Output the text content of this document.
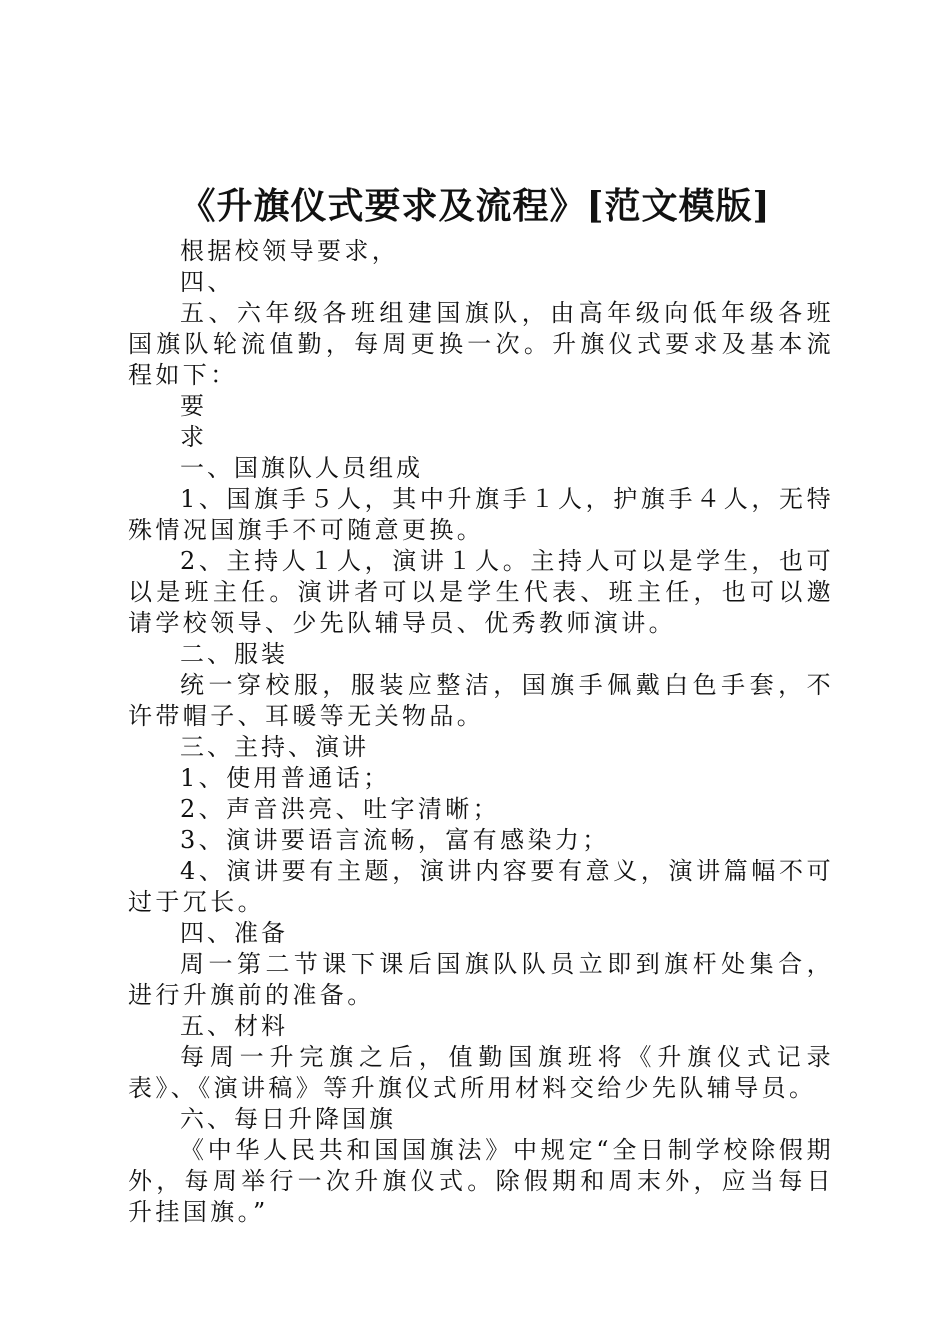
《升旗仪式要求及流程》[范文模版]

根据校领导要求，

四、

五、六年级各班组建国旗队，由高年级向低年级各班国旗队轮流值勤，每周更换一次。升旗仪式要求及基本流程如下：

要

求

一、国旗队人员组成

1、国旗手５人，其中升旗手１人，护旗手４人，无特殊情况国旗手不可随意更换。

2、主持人１人，演讲１人。主持人可以是学生，也可以是班主任。演讲者可以是学生代表、班主任，也可以邀请学校领导、少先队辅导员、优秀教师演讲。

二、服装

统一穿校服，服装应整洁，国旗手佩戴白色手套，不许带帽子、耳暖等无关物品。

三、主持、演讲

1、使用普通话；

2、声音洪亮、吐字清晰；

3、演讲要语言流畅，富有感染力；

4、演讲要有主题，演讲内容要有意义，演讲篇幅不可过于冗长。

四、准备

周一第二节课下课后国旗队队员立即到旗杆处集合，进行升旗前的准备。

五、材料

每周一升完旗之后，值勤国旗班将《升旗仪式记录表》、《演讲稿》等升旗仪式所用材料交给少先队辅导员。

六、每日升降国旗

《中华人民共和国国旗法》中规定“全日制学校除假期外，每周举行一次升旗仪式。除假期和周末外，应当每日升挂国旗。”
